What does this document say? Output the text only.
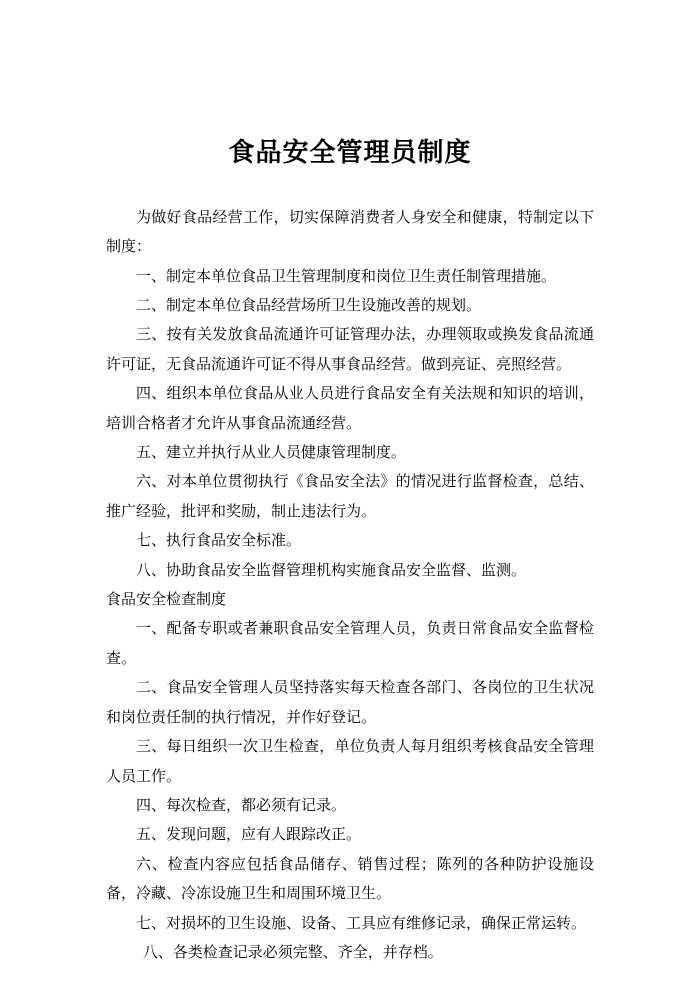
食品安全管理员制度

为做好食品经营工作，切实保障消费者人身安全和健康，特制定以下制度：

一、制定本单位食品卫生管理制度和岗位卫生责任制管理措施。

二、制定本单位食品经营场所卫生设施改善的规划。

三、按有关发放食品流通许可证管理办法，办理领取或换发食品流通许可证，无食品流通许可证不得从事食品经营。做到亮证、亮照经营。

四、组织本单位食品从业人员进行食品安全有关法规和知识的培训，培训合格者才允许从事食品流通经营。

五、建立并执行从业人员健康管理制度。

六、对本单位贯彻执行《食品安全法》的情况进行监督检查，总结、推广经验，批评和奖励，制止违法行为。

七、执行食品安全标准。

八、协助食品安全监督管理机构实施食品安全监督、监测。

食品安全检查制度

一、配备专职或者兼职食品安全管理人员，负责日常食品安全监督检查。

二、食品安全管理人员坚持落实每天检查各部门、各岗位的卫生状况和岗位责任制的执行情况，并作好登记。

三、每日组织一次卫生检查，单位负责人每月组织考核食品安全管理人员工作。

四、每次检查，都必须有记录。

五、发现问题，应有人跟踪改正。

六、检查内容应包括食品储存、销售过程；陈列的各种防护设施设备，冷藏、冷冻设施卫生和周围环境卫生。

七、对损坏的卫生设施、设备、工具应有维修记录，确保正常运转。

八、各类检查记录必须完整、齐全，并存档。
